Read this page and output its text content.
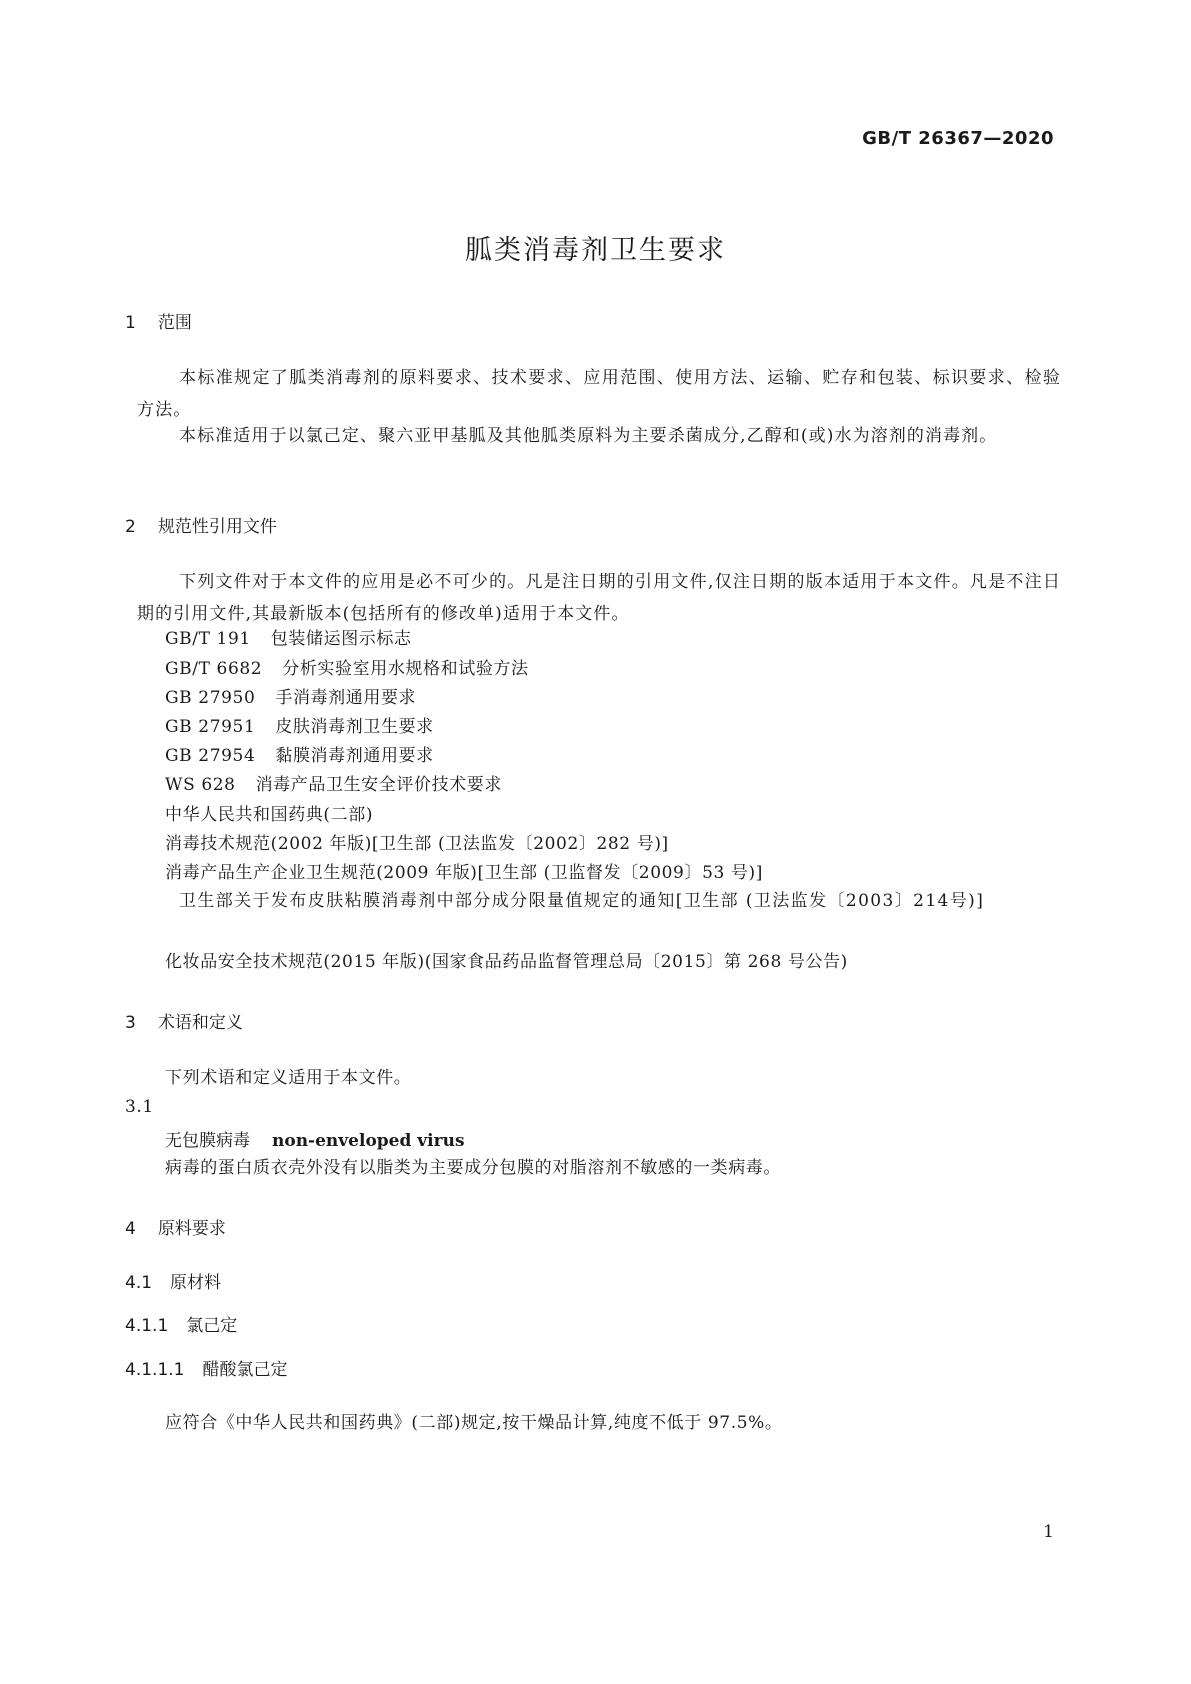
GB/T 26367—2020
胍类消毒剂卫生要求
1 范围
本标准规定了胍类消毒剂的原料要求、技术要求、应用范围、使用方法、运输、贮存和包装、标识要求、检验方法。
本标准适用于以氯己定、聚六亚甲基胍及其他胍类原料为主要杀菌成分,乙醇和(或)水为溶剂的消毒剂。
2 规范性引用文件
下列文件对于本文件的应用是必不可少的。凡是注日期的引用文件,仅注日期的版本适用于本文件。凡是不注日期的引用文件,其最新版本(包括所有的修改单)适用于本文件。
GB/T 191 包装储运图示标志
GB/T 6682 分析实验室用水规格和试验方法
GB 27950 手消毒剂通用要求
GB 27951 皮肤消毒剂卫生要求
GB 27954 黏膜消毒剂通用要求
WS 628 消毒产品卫生安全评价技术要求
中华人民共和国药典(二部)
消毒技术规范(2002 年版)[卫生部 (卫法监发〔2002〕282 号)]
消毒产品生产企业卫生规范(2009 年版)[卫生部 (卫监督发〔2009〕53 号)]
卫生部关于发布皮肤粘膜消毒剂中部分成分限量值规定的通知[卫生部 (卫法监发〔2003〕214号)]
化妆品安全技术规范(2015 年版)(国家食品药品监督管理总局〔2015〕第 268 号公告)
3 术语和定义
下列术语和定义适用于本文件。
3.1
无包膜病毒 non-enveloped virus
病毒的蛋白质衣壳外没有以脂类为主要成分包膜的对脂溶剂不敏感的一类病毒。
4 原料要求
4.1 原材料
4.1.1 氯己定
4.1.1.1 醋酸氯己定
应符合《中华人民共和国药典》(二部)规定,按干燥品计算,纯度不低于 97.5%。
1
